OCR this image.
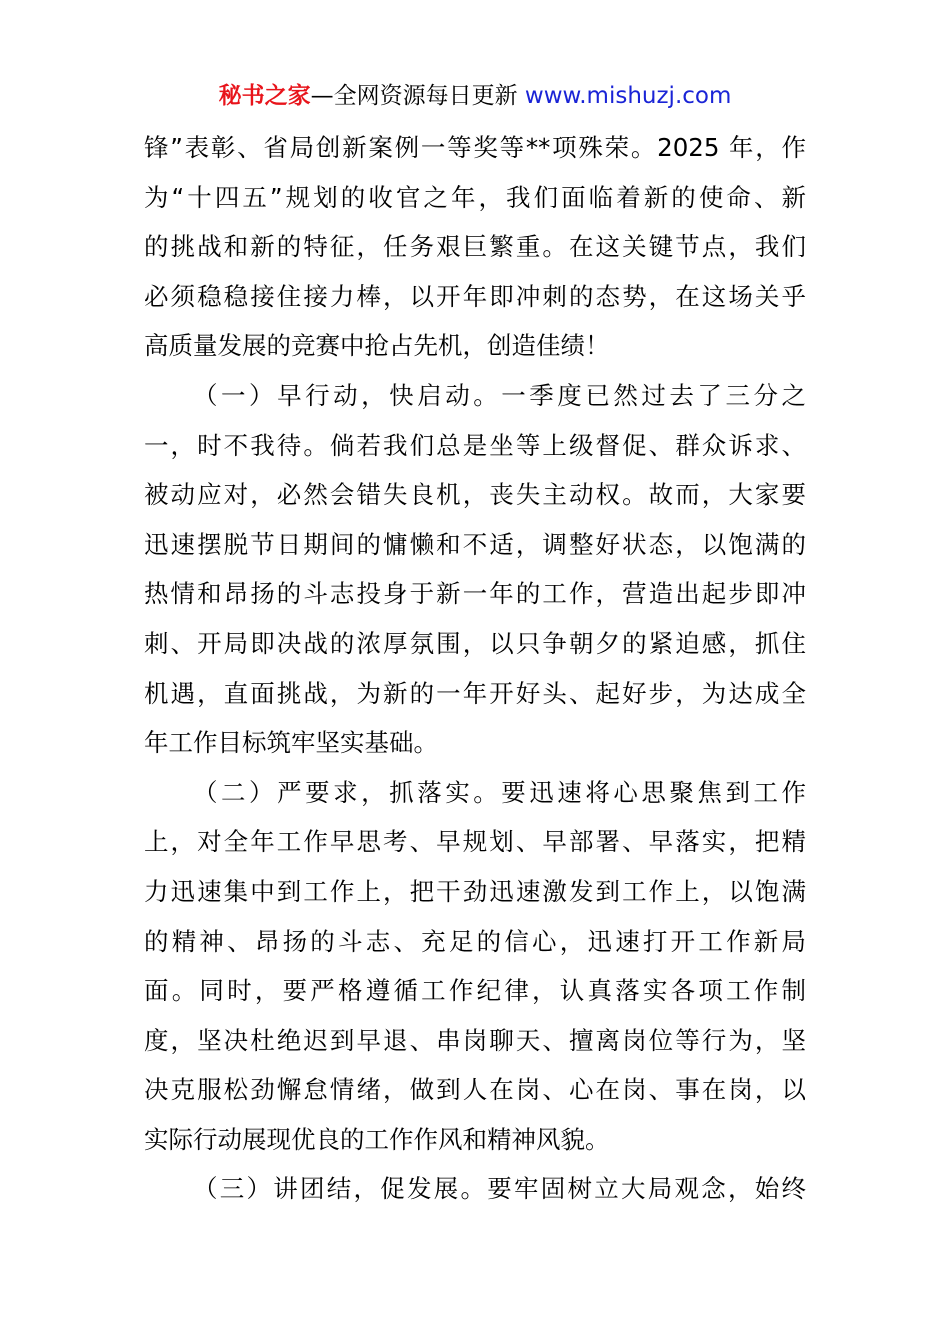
秘书之家—全网资源每日更新 www.mishuzj.com
锋”表彰、省局创新案例一等奖等**项殊荣。2025 年，作
为“十四五”规划的收官之年，我们面临着新的使命、新
的挑战和新的特征，任务艰巨繁重。在这关键节点，我们
必须稳稳接住接力棒，以开年即冲刺的态势，在这场关乎
高质量发展的竞赛中抢占先机，创造佳绩！
（一）早行动，快启动。一季度已然过去了三分之
一，时不我待。倘若我们总是坐等上级督促、群众诉求、
被动应对，必然会错失良机，丧失主动权。故而，大家要
迅速摆脱节日期间的慵懒和不适，调整好状态，以饱满的
热情和昂扬的斗志投身于新一年的工作，营造出起步即冲
刺、开局即决战的浓厚氛围，以只争朝夕的紧迫感，抓住
机遇，直面挑战，为新的一年开好头、起好步，为达成全
年工作目标筑牢坚实基础。
（二）严要求，抓落实。要迅速将心思聚焦到工作
上，对全年工作早思考、早规划、早部署、早落实，把精
力迅速集中到工作上，把干劲迅速激发到工作上，以饱满
的精神、昂扬的斗志、充足的信心，迅速打开工作新局
面。同时，要严格遵循工作纪律，认真落实各项工作制
度，坚决杜绝迟到早退、串岗聊天、擅离岗位等行为，坚
决克服松劲懈怠情绪，做到人在岗、心在岗、事在岗，以
实际行动展现优良的工作作风和精神风貌。
（三）讲团结，促发展。要牢固树立大局观念，始终
